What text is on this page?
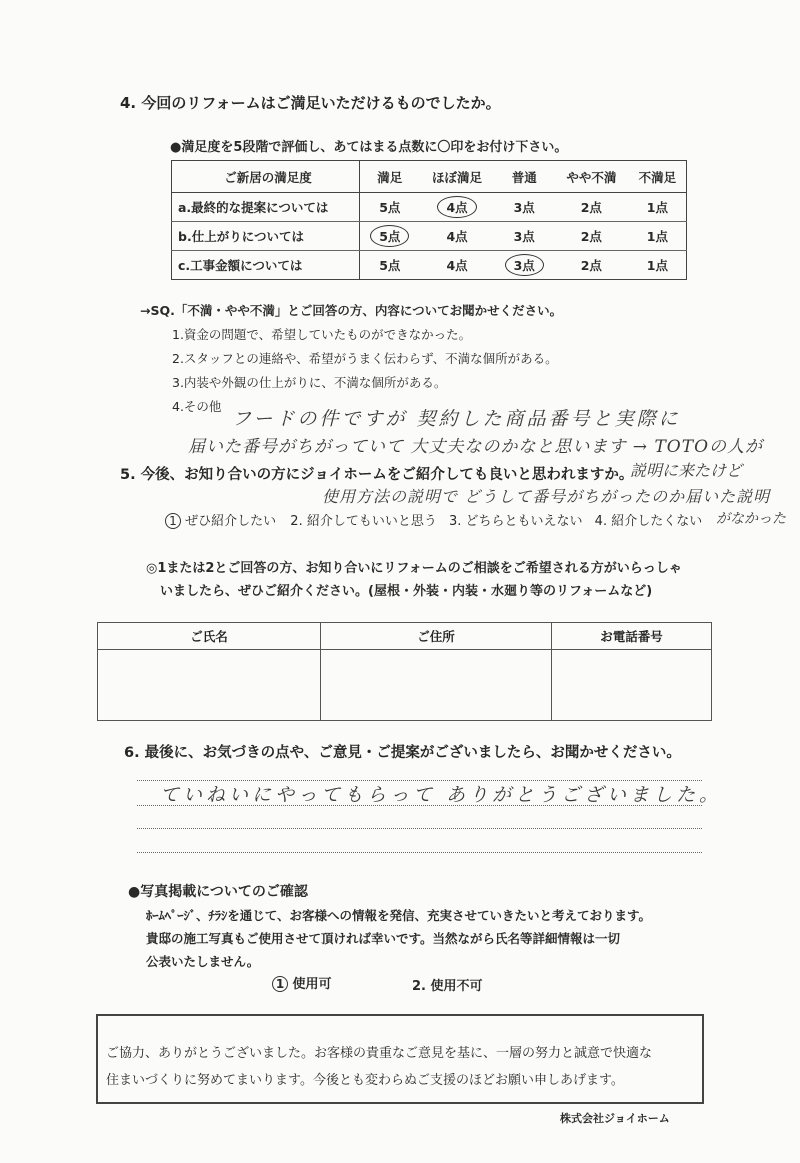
4. 今回のリフォームはご満足いただけるものでしたか。
●満足度を5段階で評価し、あてはまる点数に〇印をお付け下さい。
ご新居の満足度	満足	ほぼ満足	普通	やや不満	不満足
a.最終的な提案については	5点	4点	3点	2点	1点
b.仕上がりについては	5点	4点	3点	2点	1点
c.工事金額については	5点	4点	3点	2点	1点
→SQ.「不満・やや不満」とご回答の方、内容についてお聞かせください。
1.資金の問題で、希望していたものができなかった。
2.スタッフとの連絡や、希望がうまく伝わらず、不満な個所がある。
3.内装や外観の仕上がりに、不満な個所がある。
4.その他
フードの件ですが 契約した商品番号と実際に
届いた番号がちがっていて 大丈夫なのかなと思います → TOTOの人が
5. 今後、お知り合いの方にジョイホームをご紹介しても良いと思われますか。
説明に来たけど
使用方法の説明で どうして番号がちがったのか届いた説明
1 ぜひ紹介したい 2. 紹介してもいいと思う 3. どちらともいえない 4. 紹介したくない がなかった
◎1または2とご回答の方、お知り合いにリフォームのご相談をご希望される方がいらっしゃ
いましたら、ぜひご紹介ください。(屋根・外装・内装・水廻り等のリフォームなど)
ご氏名	ご住所	お電話番号

6. 最後に、お気づきの点や、ご意見・ご提案がございましたら、お聞かせください。
ていねいにやってもらって ありがとうございました。
●写真掲載についてのご確認
ﾎｰﾑﾍﾟｰｼﾞ、ﾁﾗｼを通じて、お客様への情報を発信、充実させていきたいと考えております。
貴邸の施工写真もご使用させて頂ければ幸いです。当然ながら氏名等詳細情報は一切
公表いたしません。
1 使用可	2. 使用不可
ご協力、ありがとうございました。お客様の貴重なご意見を基に、一層の努力と誠意で快適な
住まいづくりに努めてまいります。今後とも変わらぬご支援のほどお願い申しあげます。
株式会社ジョイホーム
